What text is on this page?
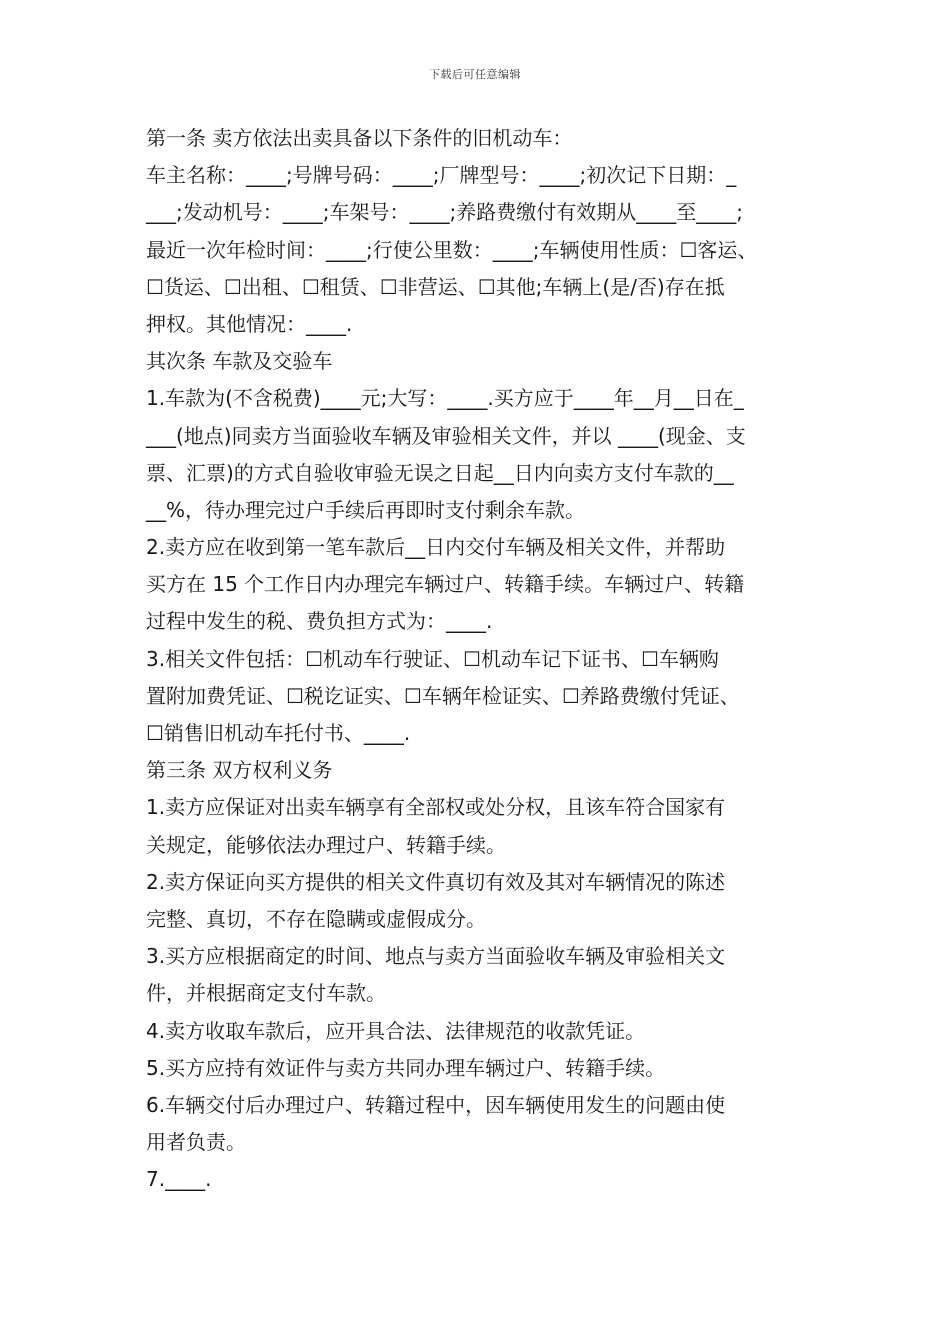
下载后可任意编辑
第一条 卖方依法出卖具备以下条件的旧机动车：
车主名称：____;号牌号码：____;厂牌型号：____;初次记下日期：_
___;发动机号：____;车架号：____;养路费缴付有效期从____至____;
最近一次年检时间：____;行使公里数：____;车辆使用性质：☐客运、
☐货运、☐出租、☐租赁、☐非营运、☐其他;车辆上(是/否)存在抵
押权。其他情况：____.
其次条 车款及交验车
1.车款为(不含税费)____元;大写：____.买方应于____年__月__日在_
___(地点)同卖方当面验收车辆及审验相关文件，并以 ____(现金、支
票、汇票)的方式自验收审验无误之日起__日内向卖方支付车款的__
__%，待办理完过户手续后再即时支付剩余车款。
2.卖方应在收到第一笔车款后__日内交付车辆及相关文件，并帮助
买方在 15 个工作日内办理完车辆过户、转籍手续。车辆过户、转籍
过程中发生的税、费负担方式为：____.
3.相关文件包括：☐机动车行驶证、☐机动车记下证书、☐车辆购
置附加费凭证、☐税讫证实、☐车辆年检证实、☐养路费缴付凭证、
☐销售旧机动车托付书、____.
第三条 双方权利义务
1.卖方应保证对出卖车辆享有全部权或处分权，且该车符合国家有
关规定，能够依法办理过户、转籍手续。
2.卖方保证向买方提供的相关文件真切有效及其对车辆情况的陈述
完整、真切，不存在隐瞒或虚假成分。
3.买方应根据商定的时间、地点与卖方当面验收车辆及审验相关文
件，并根据商定支付车款。
4.卖方收取车款后，应开具合法、法律规范的收款凭证。
5.买方应持有效证件与卖方共同办理车辆过户、转籍手续。
6.车辆交付后办理过户、转籍过程中，因车辆使用发生的问题由使
用者负责。
7.____.
